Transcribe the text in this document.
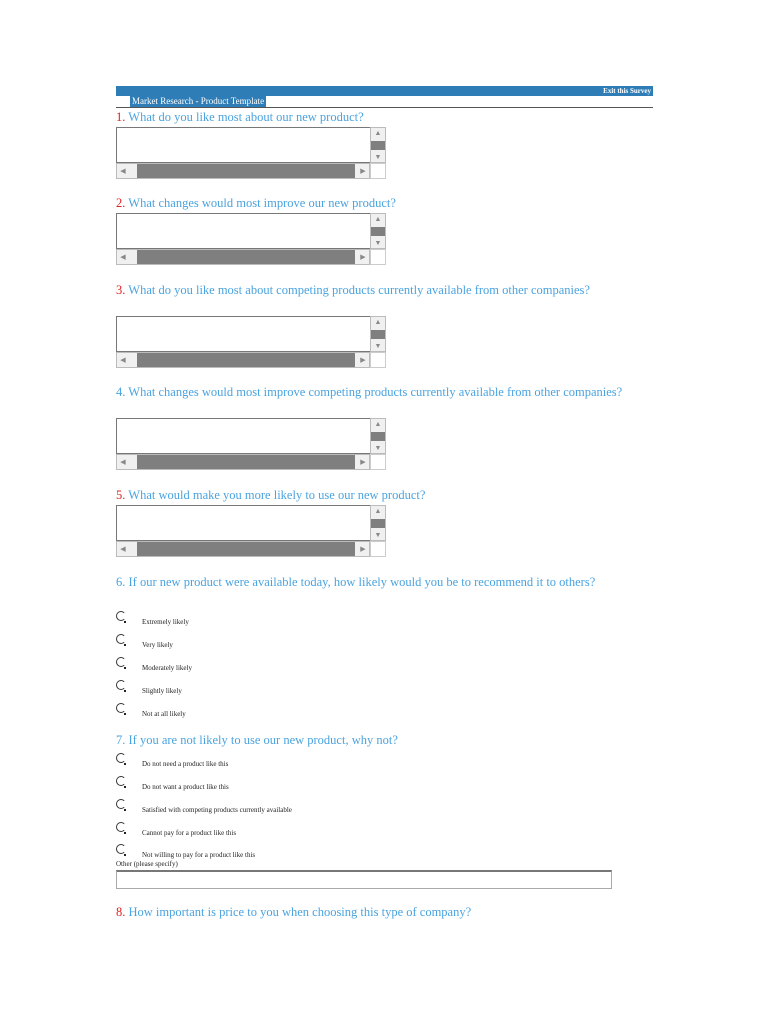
Exit this Survey
Market Research - Product Template
1. What do you like most about our new product?
▲
▼
◀	▶
2. What changes would most improve our new product?
▲
▼
◀	▶
3. What do you like most about competing products currently available from other companies?
▲
▼
◀	▶
4. What changes would most improve competing products currently available from other companies?
▲
▼
◀	▶
5. What would make you more likely to use our new product?
▲
▼
◀	▶
6. If our new product were available today, how likely would you be to recommend it to others?
Extremely likely
Very likely
Moderately likely
Slightly likely
Not at all likely
7. If you are not likely to use our new product, why not?
Do not need a product like this
Do not want a product like this
Satisfied with competing products currently available
Cannot pay for a product like this
Not willing to pay for a product like this
Other (please specify)
8. How important is price to you when choosing this type of company?
